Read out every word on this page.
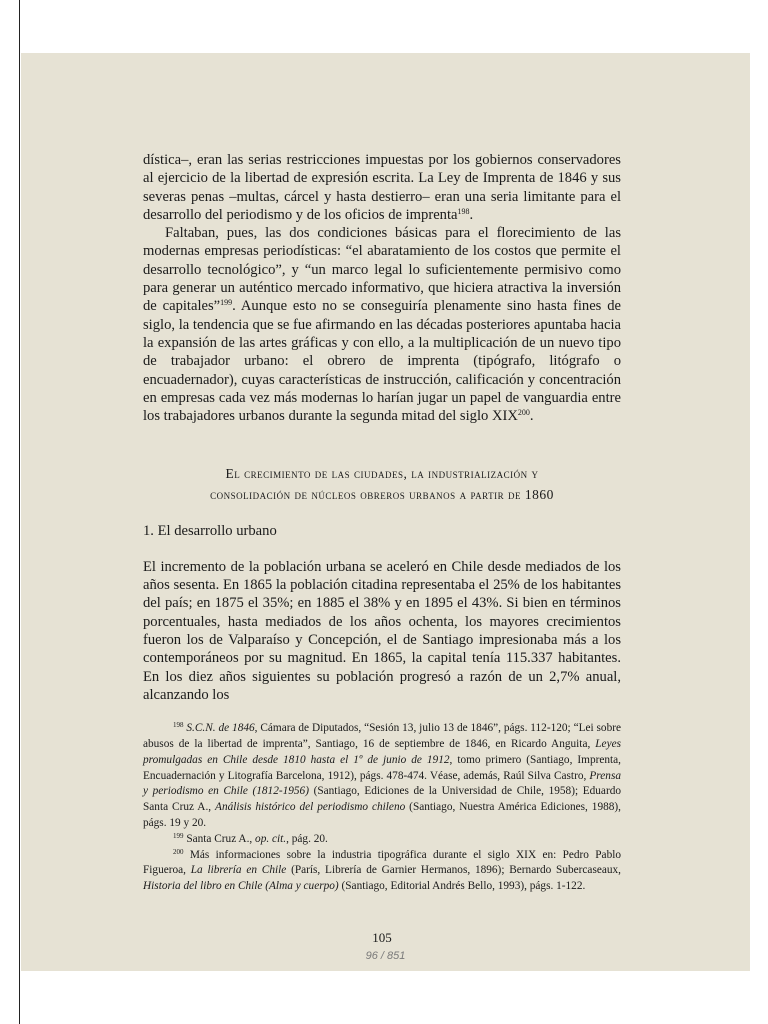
dística–, eran las serias restricciones impuestas por los gobiernos conservadores al ejercicio de la libertad de expresión escrita. La Ley de Imprenta de 1846 y sus severas penas –multas, cárcel y hasta destierro– eran una seria limitante para el desarrollo del periodismo y de los oficios de imprenta$^{198}$.

Faltaban, pues, las dos condiciones básicas para el florecimiento de las modernas empresas periodísticas: “el abaratamiento de los costos que permite el desarrollo tecnológico”, y “un marco legal lo suficientemente permisivo como para generar un auténtico mercado informativo, que hiciera atractiva la inversión de capitales”$^{199}$. Aunque esto no se conseguiría plenamente sino hasta fines de siglo, la tendencia que se fue afirmando en las décadas posteriores apuntaba hacia la expansión de las artes gráficas y con ello, a la multiplicación de un nuevo tipo de trabajador urbano: el obrero de imprenta (tipógrafo, litógrafo o encuadernador), cuyas características de instrucción, calificación y concentración en empresas cada vez más modernas lo harían jugar un papel de vanguardia entre los trabajadores urbanos durante la segunda mitad del siglo XIX$^{200}$.

El crecimiento de las ciudades, la industrialización y
consolidación de núcleos obreros urbanos a partir de 1860
1. El desarrollo urbano

El incremento de la población urbana se aceleró en Chile desde mediados de los años sesenta. En 1865 la población citadina representaba el 25% de los habitantes del país; en 1875 el 35%; en 1885 el 38% y en 1895 el 43%. Si bien en términos porcentuales, hasta mediados de los años ochenta, los mayores crecimientos fueron los de Valparaíso y Concepción, el de Santiago impresionaba más a los contemporáneos por su magnitud. En 1865, la capital tenía 115.337 habitantes. En los diez años siguientes su población progresó a razón de un 2,7% anual, alcanzando los

$^{198}$ S.C.N. de 1846, Cámara de Diputados, “Sesión 13, julio 13 de 1846”, págs. 112-120; “Lei sobre abusos de la libertad de imprenta”, Santiago, 16 de septiembre de 1846, en Ricardo Anguita, Leyes promulgadas en Chile desde 1810 hasta el 1º de junio de 1912, tomo primero (Santiago, Imprenta, Encuadernación y Litografía Barcelona, 1912), págs. 478-474. Véase, además, Raúl Silva Castro, Prensa y periodismo en Chile (1812-1956) (Santiago, Ediciones de la Universidad de Chile, 1958); Eduardo Santa Cruz A., Análisis histórico del periodismo chileno (Santiago, Nuestra América Ediciones, 1988), págs. 19 y 20.

$^{199}$ Santa Cruz A., op. cit., pág. 20.

$^{200}$ Más informaciones sobre la industria tipográfica durante el siglo XIX en: Pedro Pablo Figueroa, La librería en Chile (París, Librería de Garnier Hermanos, 1896); Bernardo Subercaseaux, Historia del libro en Chile (Alma y cuerpo) (Santiago, Editorial Andrés Bello, 1993), págs. 1-122.

105
96 / 851
